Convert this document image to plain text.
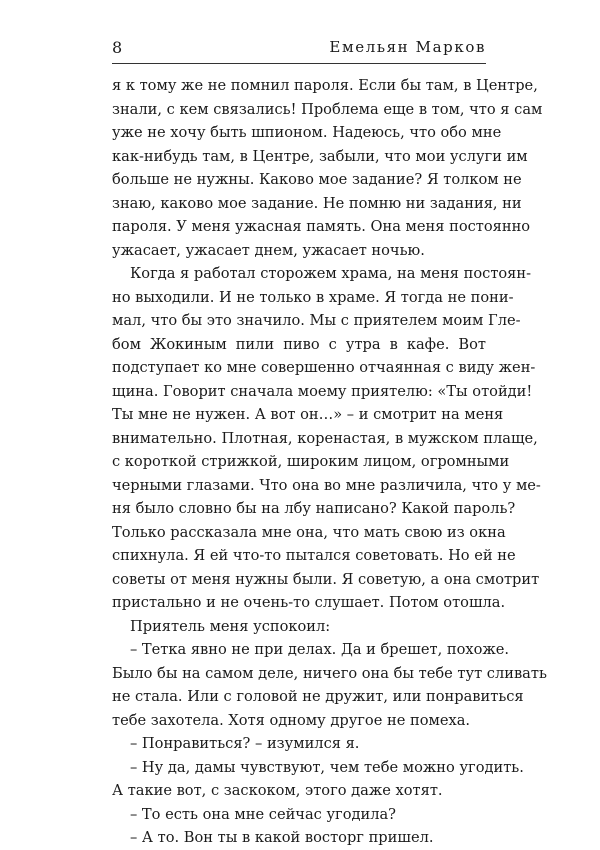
8	Емельян Марков
я к тому же не помнил пароля. Если бы там, в Центре,
знали, с кем связались! Проблема еще в том, что я сам
уже не хочу быть шпионом. Надеюсь, что обо мне
как-нибудь там, в Центре, забыли, что мои услуги им
больше не нужны. Каково мое задание? Я толком не
знаю, каково мое задание. Не помню ни задания, ни
пароля. У меня ужасная память. Она меня постоянно
ужасает, ужасает днем, ужасает ночью.
Когда я работал сторожем храма, на меня постоян-
но выходили. И не только в храме. Я тогда не пони-
мал, что бы это значило. Мы с приятелем моим Гле-
бом Жокиным пили пиво с утра в кафе. Вот
подступает ко мне совершенно отчаянная с виду жен-
щина. Говорит сначала моему приятелю: «Ты отойди!
Ты мне не нужен. А вот он…» – и смотрит на меня
внимательно. Плотная, коренастая, в мужском плаще,
с короткой стрижкой, широким лицом, огромными
черными глазами. Что она во мне различила, что у ме-
ня было словно бы на лбу написано? Какой пароль?
Только рассказала мне она, что мать свою из окна
спихнула. Я ей что-то пытался советовать. Но ей не
советы от меня нужны были. Я советую, а она смотрит
пристально и не очень-то слушает. Потом отошла.
Приятель меня успокоил:
– Тетка явно не при делах. Да и брешет, похоже.
Было бы на самом деле, ничего она бы тебе тут сливать
не стала. Или с головой не дружит, или понравиться
тебе захотела. Хотя одному другое не помеха.
– Понравиться? – изумился я.
– Ну да, дамы чувствуют, чем тебе можно угодить.
А такие вот, с заскоком, этого даже хотят.
– То есть она мне сейчас угодила?
– А то. Вон ты в какой восторг пришел.
